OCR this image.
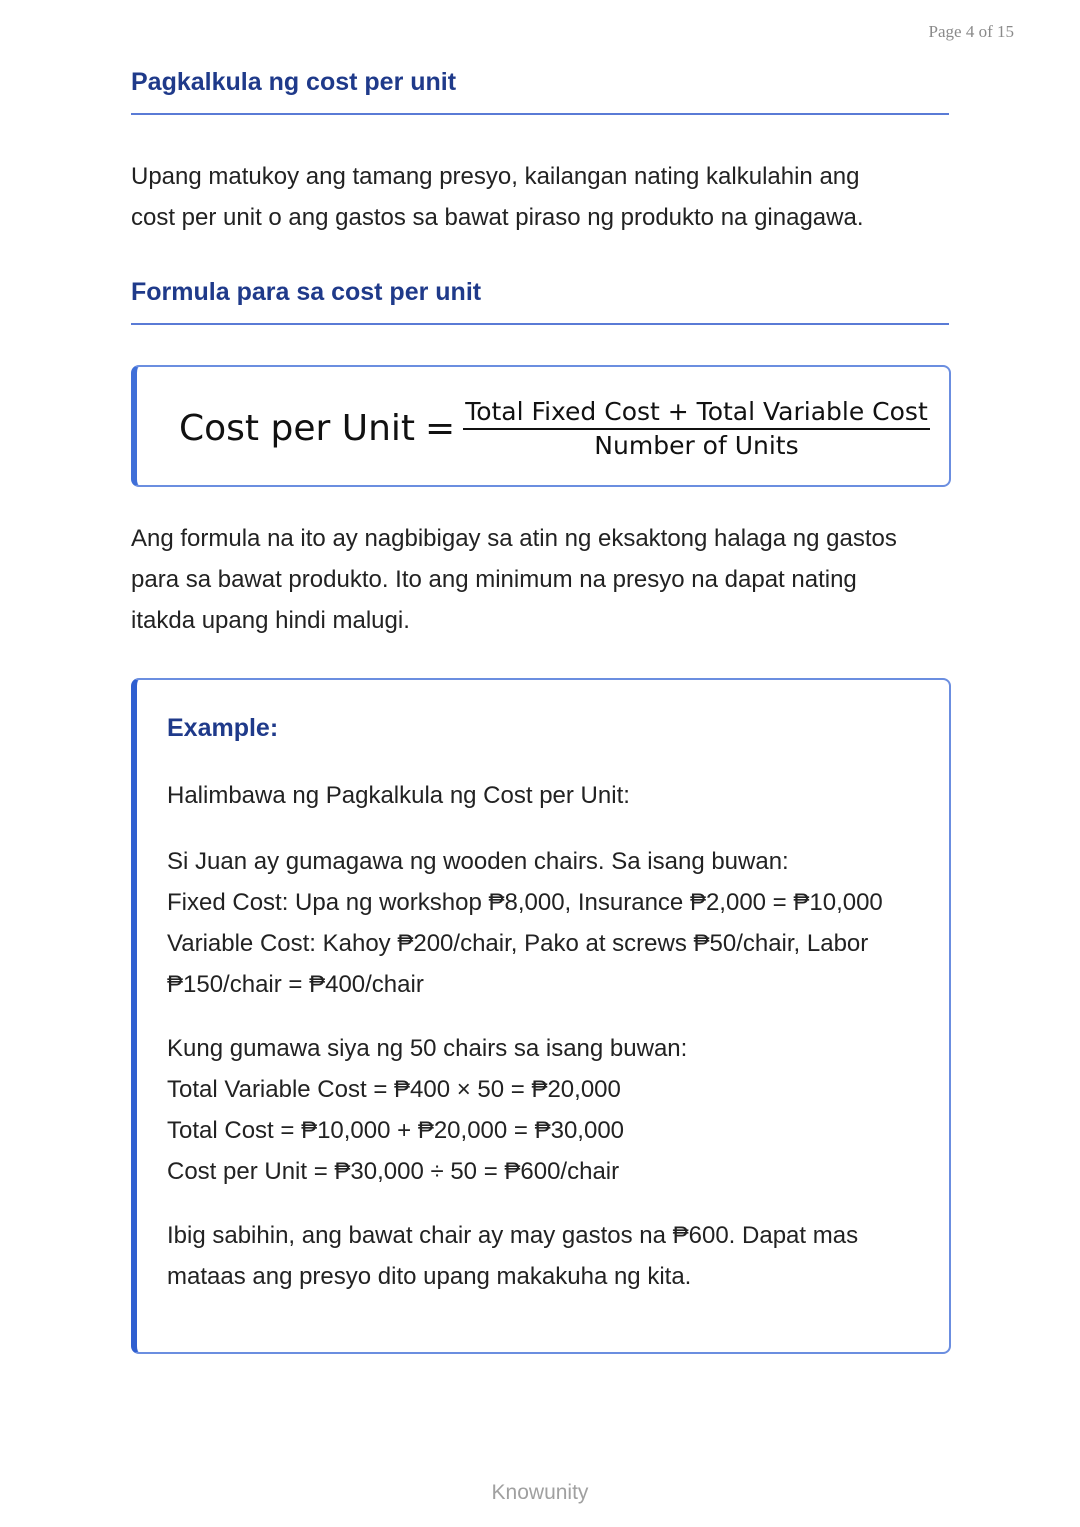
Page 4 of 15
Pagkalkula ng cost per unit
Upang matukoy ang tamang presyo, kailangan nating kalkulahin ang
cost per unit o ang gastos sa bawat piraso ng produkto na ginagawa.
Formula para sa cost per unit
Cost per Unit = $\frac{\text{Total Fixed Cost + Total Variable Cost}}{\text{Number of Units}}$
Ang formula na ito ay nagbibigay sa atin ng eksaktong halaga ng gastos
para sa bawat produkto. Ito ang minimum na presyo na dapat nating
itakda upang hindi malugi.
Example:

Halimbawa ng Pagkalkula ng Cost per Unit:

Si Juan ay gumagawa ng wooden chairs. Sa isang buwan:
Fixed Cost: Upa ng workshop ₱8,000, Insurance ₱2,000 = ₱10,000
Variable Cost: Kahoy ₱200/chair, Pako at screws ₱50/chair, Labor
₱150/chair = ₱400/chair
Kung gumawa siya ng 50 chairs sa isang buwan:
Total Variable Cost = ₱400 × 50 = ₱20,000
Total Cost = ₱10,000 + ₱20,000 = ₱30,000
Cost per Unit = ₱30,000 ÷ 50 = ₱600/chair
Ibig sabihin, ang bawat chair ay may gastos na ₱600. Dapat mas
mataas ang presyo dito upang makakuha ng kita.
Knowunity
